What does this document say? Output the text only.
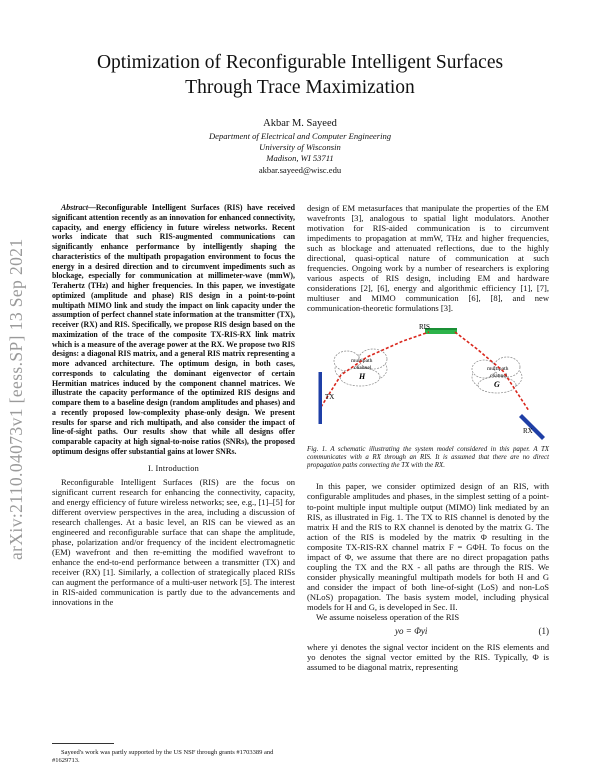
arXiv:2110.04073v1 [eess.SP] 13 Sep 2021
Optimization of Reconfigurable Intelligent Surfaces
Through Trace Maximization
Akbar M. Sayeed
Department of Electrical and Computer Engineering
University of Wisconsin
Madison, WI 53711
akbar.sayeed@wisc.edu

Abstract—Reconfigurable Intelligent Surfaces (RIS) have received significant attention recently as an innovation for enhanced connectivity, capacity, and energy efficiency in future wireless networks. Recent works indicate that such RIS-augmented communications can significantly enhance performance by intelligently shaping the characteristics of the multipath propagation environment to focus the energy in a desired direction and to circumvent impediments such as blockage, especially for communication at millimeter-wave (mmW), Terahertz (THz) and higher frequencies. In this paper, we investigate optimized (amplitude and phase) RIS design in a point-to-point multipath MIMO link and study the impact on link capacity under the assumption of perfect channel state information at the transmitter (TX), receiver (RX) and RIS. Specifically, we propose RIS design based on the maximization of the trace of the composite TX-RIS-RX link matrix which is a measure of the average power at the RX. We propose two RIS designs: a diagonal RIS matrix, and a general RIS matrix representing a more advanced architecture. The optimum design, in both cases, corresponds to calculating the dominant eigenvector of certain Hermitian matrices induced by the component channel matrices. We illustrate the capacity performance of the optimized RIS designs and compare them to a baseline design (random amplitudes and phases) and a recently proposed low-complexity phase-only design. We present results for sparse and rich multipath, and also consider the impact of line-of-sight paths. Our results show that while all designs offer comparable capacity at high signal-to-noise ratios (SNRs), the proposed optimum designs offer substantial gains at lower SNRs.

I. Introduction

Reconfigurable Intelligent Surfaces (RIS) are the focus on significant current research for enhancing the connectivity, capacity, and energy efficiency of future wireless networks; see, e.g., [1]–[5] for different overview perspectives in the area, including a discussion of research challenges. At a basic level, an RIS can be viewed as an engineered and reconfigurable surface that can shape the amplitude, phase, polarization and/or frequency of the incident electromagnetic (EM) wavefront and then re-emitting the modified wavefront to enhance the end-to-end performance between a transmitter (TX) and receiver (RX) [1]. Similarly, a collection of strategically placed RISs can augment the performance of a multi-user network [5]. The interest in RIS-aided communication is partly due to the advancements and innovations in the

Sayeed's work was partly supported by the US NSF through grants #1703389 and #1629713.

design of EM metasurfaces that manipulate the properties of the EM wavefronts [3], analogous to spatial light modulators. Another motivation for RIS-aided communication is to circumvent impediments to propagation at mmW, THz and higher frequencies, such as blockage and attenuated reflections, due to the highly directional, quasi-optical nature of communication at such frequencies. Ongoing work by a number of researchers is exploring various aspects of RIS design, including EM and hardware considerations [2], [6], energy and algorithmic efficiency [1], [7], multiuser and MIMO communication [6], [8], and new communication-theoretic formulations [3].

RIS
multipath
channel
H
multipath
channel
G
TX
RX

Fig. 1. A schematic illustrating the system model considered in this paper. A TX communicates with a RX through an RIS. It is assumed that there are no direct propagation paths connecting the TX with the RX.

In this paper, we consider optimized design of an RIS, with configurable amplitudes and phases, in the simplest setting of a point-to-point multiple input multiple output (MIMO) link mediated by an RIS, as illustrated in Fig. 1. The TX to RIS channel is denoted by the matrix H and the RIS to RX channel is denoted by the matrix G. The action of the RIS is modeled by the matrix Φ resulting in the composite TX-RIS-RX channel matrix F = GΦH. To focus on the impact of Φ, we assume that there are no direct propagation paths coupling the TX and the RX - all paths are through the RIS. We consider physically meaningful multipath models for both H and G and consider the impact of both line-of-sight (LoS) and non-LoS (NLoS) propagation. The basis system model, including physical models for H and G, is developed in Sec. II.

We assume noiseless operation of the RIS

yo = Φyi	(1)

where yi denotes the signal vector incident on the RIS elements and yo denotes the signal vector emitted by the RIS. Typically, Φ is assumed to be diagonal matrix, representing
